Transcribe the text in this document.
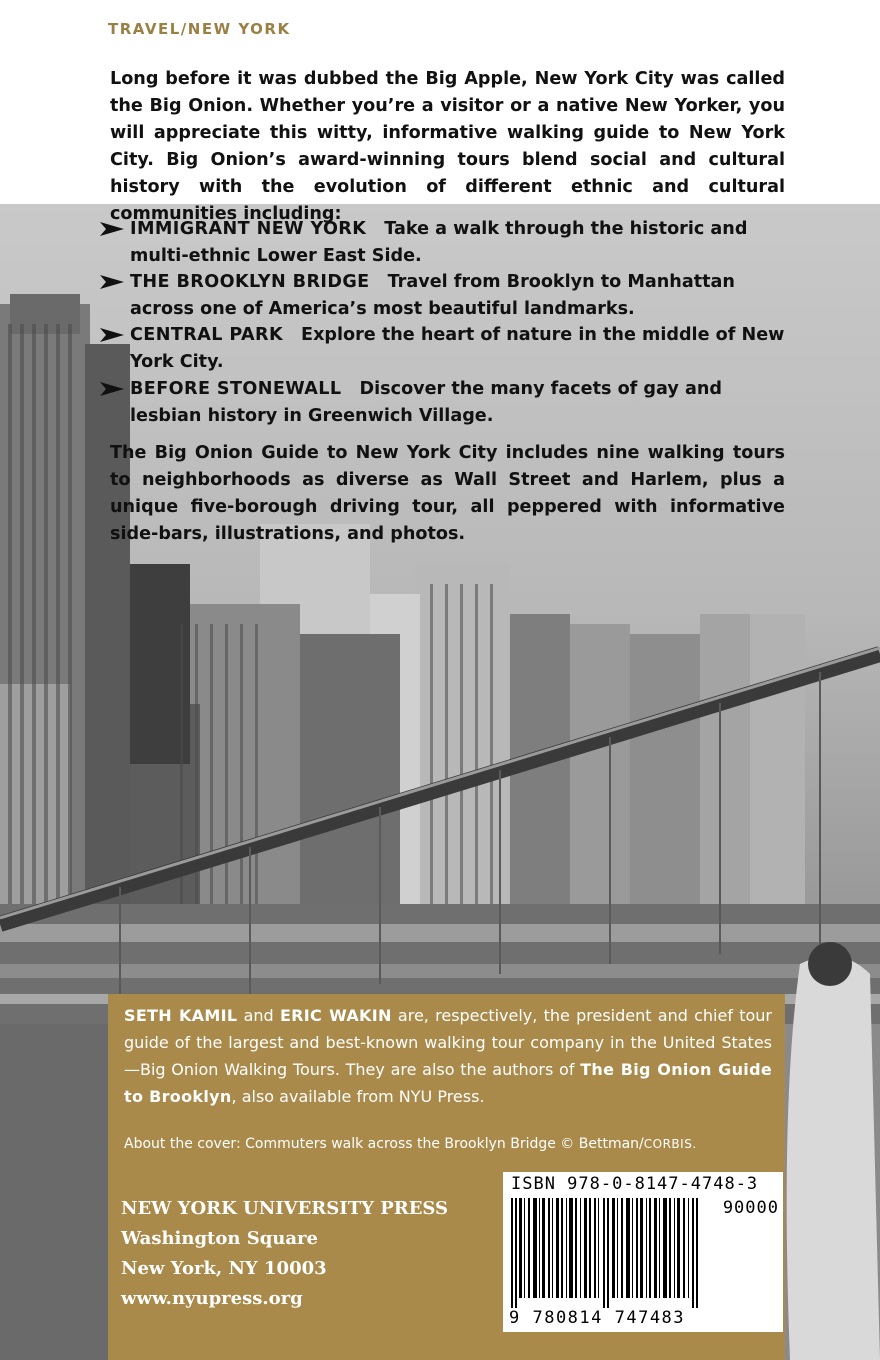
TRAVEL/NEW YORK

Long before it was dubbed the Big Apple, New York City was called the Big Onion. Whether you’re a visitor or a native New Yorker, you will appreciate this witty, informative walking guide to New York City. Big Onion’s award-winning tours blend social and cultural history with the evolution of different ethnic and cultural communities including:

IMMIGRANT NEW YORK Take a walk through the historic and multi-ethnic Lower East Side.
THE BROOKLYN BRIDGE Travel from Brooklyn to Manhattan across one of America’s most beautiful landmarks.
CENTRAL PARK Explore the heart of nature in the middle of New York City.
BEFORE STONEWALL Discover the many facets of gay and lesbian history in Greenwich Village.

The Big Onion Guide to New York City includes nine walking tours to neighborhoods as diverse as Wall Street and Harlem, plus a unique five-borough driving tour, all peppered with informative side-bars, illustrations, and photos.

SETH KAMIL and ERIC WAKIN are, respectively, the president and chief tour guide of the largest and best-known walking tour company in the United States—Big Onion Walking Tours. They are also the authors of The Big Onion Guide to Brooklyn, also available from NYU Press.

About the cover: Commuters walk across the Brooklyn Bridge © Bettman/CORBIS.
NEW YORK UNIVERSITY PRESS
Washington Square
New York, NY 10003
www.nyupress.org
ISBN 978-0-8147-4748-3
90000
9 780814 747483
